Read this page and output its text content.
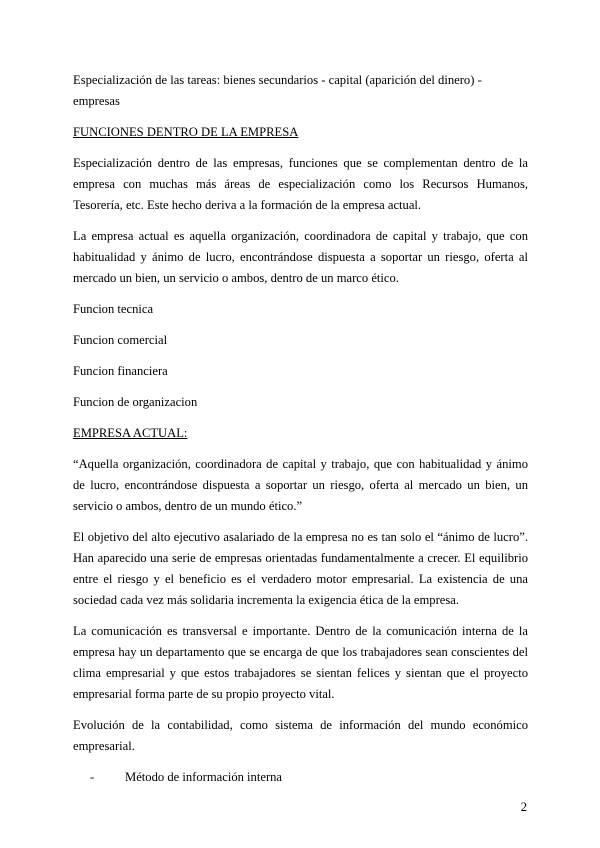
Especialización de las tareas: bienes secundarios - capital (aparición del dinero) - empresas

FUNCIONES DENTRO DE LA EMPRESA

Especialización dentro de las empresas, funciones que se complementan dentro de la empresa con muchas más áreas de especialización como los Recursos Humanos, Tesorería, etc. Este hecho deriva a la formación de la empresa actual.

La empresa actual es aquella organización, coordinadora de capital y trabajo, que con habitualidad y ánimo de lucro, encontrándose dispuesta a soportar un riesgo, oferta al mercado un bien, un servicio o ambos, dentro de un marco ético.

Funcion tecnica

Funcion comercial

Funcion financiera

Funcion de organizacion

EMPRESA ACTUAL:

“Aquella organización, coordinadora de capital y trabajo, que con habitualidad y ánimo de lucro, encontrándose dispuesta a soportar un riesgo, oferta al mercado un bien, un servicio o ambos, dentro de un mundo ético.”

El objetivo del alto ejecutivo asalariado de la empresa no es tan solo el “ánimo de lucro”. Han aparecido una serie de empresas orientadas fundamentalmente a crecer. El equilibrio entre el riesgo y el beneficio es el verdadero motor empresarial. La existencia de una sociedad cada vez más solidaria incrementa la exigencia ética de la empresa.

La comunicación es transversal e importante. Dentro de la comunicación interna de la empresa hay un departamento que se encarga de que los trabajadores sean conscientes del clima empresarial y que estos trabajadores se sientan felices y sientan que el proyecto empresarial forma parte de su propio proyecto vital.

Evolución de la contabilidad, como sistema de información del mundo económico empresarial.

- Método de información interna
2
